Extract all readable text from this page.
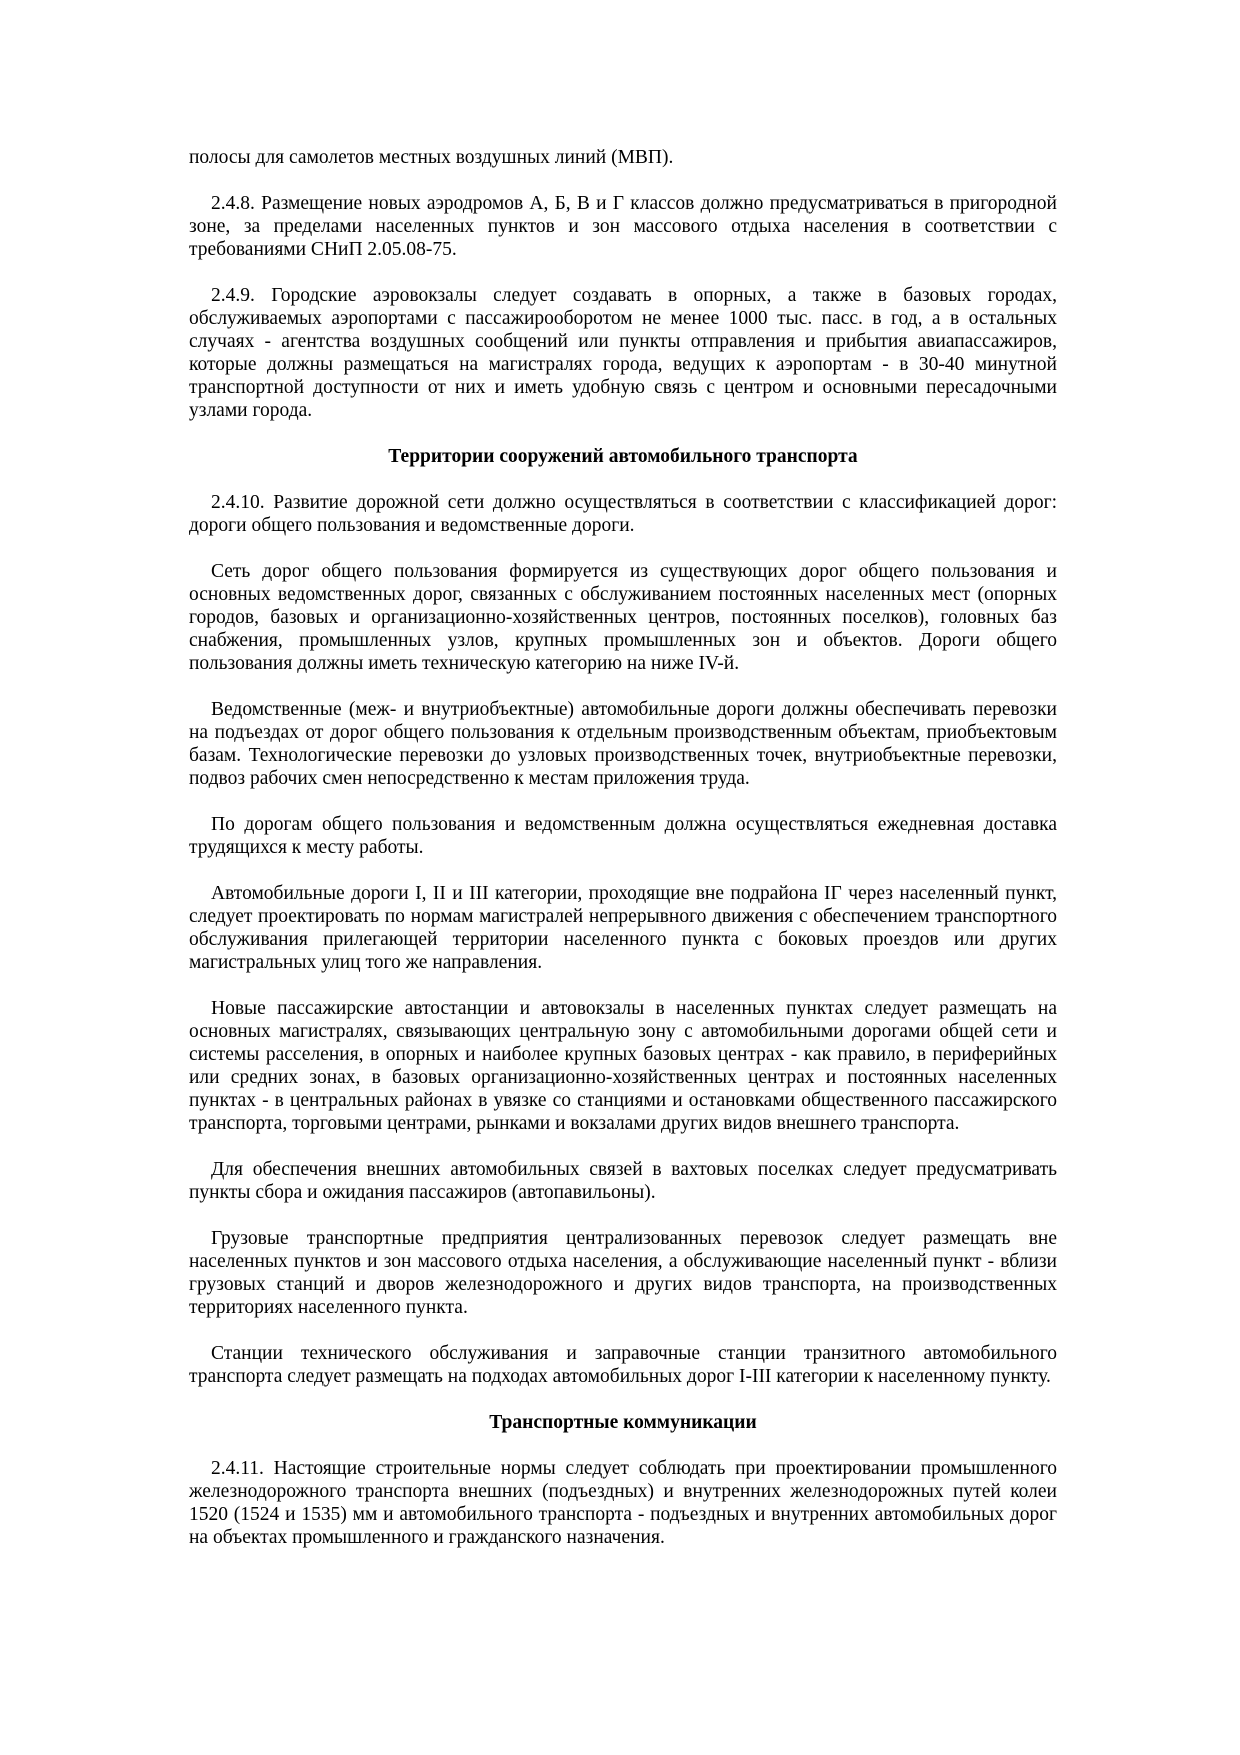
полосы для самолетов местных воздушных линий (МВП).

2.4.8. Размещение новых аэродромов А, Б, В и Г классов должно предусматриваться в пригородной зоне, за пределами населенных пунктов и зон массового отдыха населения в соответствии с требованиями СНиП 2.05.08-75.

2.4.9. Городские аэровокзалы следует создавать в опорных, а также в базовых городах, обслуживаемых аэропортами с пассажирооборотом не менее 1000 тыс. пасс. в год, а в остальных случаях - агентства воздушных сообщений или пункты отправления и прибытия авиапассажиров, которые должны размещаться на магистралях города, ведущих к аэропортам - в 30-40 минутной транспортной доступности от них и иметь удобную связь с центром и основными пересадочными узлами города.

Территории сооружений автомобильного транспорта

2.4.10. Развитие дорожной сети должно осуществляться в соответствии с классификацией дорог: дороги общего пользования и ведомственные дороги.

Сеть дорог общего пользования формируется из существующих дорог общего пользования и основных ведомственных дорог, связанных с обслуживанием постоянных населенных мест (опорных городов, базовых и организационно-хозяйственных центров, постоянных поселков), головных баз снабжения, промышленных узлов, крупных промышленных зон и объектов. Дороги общего пользования должны иметь техническую категорию на ниже IV-й.

Ведомственные (меж- и внутриобъектные) автомобильные дороги должны обеспечивать перевозки на подъездах от дорог общего пользования к отдельным производственным объектам, приобъектовым базам. Технологические перевозки до узловых производственных точек, внутриобъектные перевозки, подвоз рабочих смен непосредственно к местам приложения труда.

По дорогам общего пользования и ведомственным должна осуществляться ежедневная доставка трудящихся к месту работы.

Автомобильные дороги I, II и III категории, проходящие вне подрайона IГ через населенный пункт, следует проектировать по нормам магистралей непрерывного движения с обеспечением транспортного обслуживания прилегающей территории населенного пункта с боковых проездов или других магистральных улиц того же направления.

Новые пассажирские автостанции и автовокзалы в населенных пунктах следует размещать на основных магистралях, связывающих центральную зону с автомобильными дорогами общей сети и системы расселения, в опорных и наиболее крупных базовых центрах - как правило, в периферийных или средних зонах, в базовых организационно-хозяйственных центрах и постоянных населенных пунктах - в центральных районах в увязке со станциями и остановками общественного пассажирского транспорта, торговыми центрами, рынками и вокзалами других видов внешнего транспорта.

Для обеспечения внешних автомобильных связей в вахтовых поселках следует предусматривать пункты сбора и ожидания пассажиров (автопавильоны).

Грузовые транспортные предприятия централизованных перевозок следует размещать вне населенных пунктов и зон массового отдыха населения, а обслуживающие населенный пункт - вблизи грузовых станций и дворов железнодорожного и других видов транспорта, на производственных территориях населенного пункта.

Станции технического обслуживания и заправочные станции транзитного автомобильного транспорта следует размещать на подходах автомобильных дорог I-III категории к населенному пункту.

Транспортные коммуникации

2.4.11. Настоящие строительные нормы следует соблюдать при проектировании промышленного железнодорожного транспорта внешних (подъездных) и внутренних железнодорожных путей колеи 1520 (1524 и 1535) мм и автомобильного транспорта - подъездных и внутренних автомобильных дорог на объектах промышленного и гражданского назначения.
